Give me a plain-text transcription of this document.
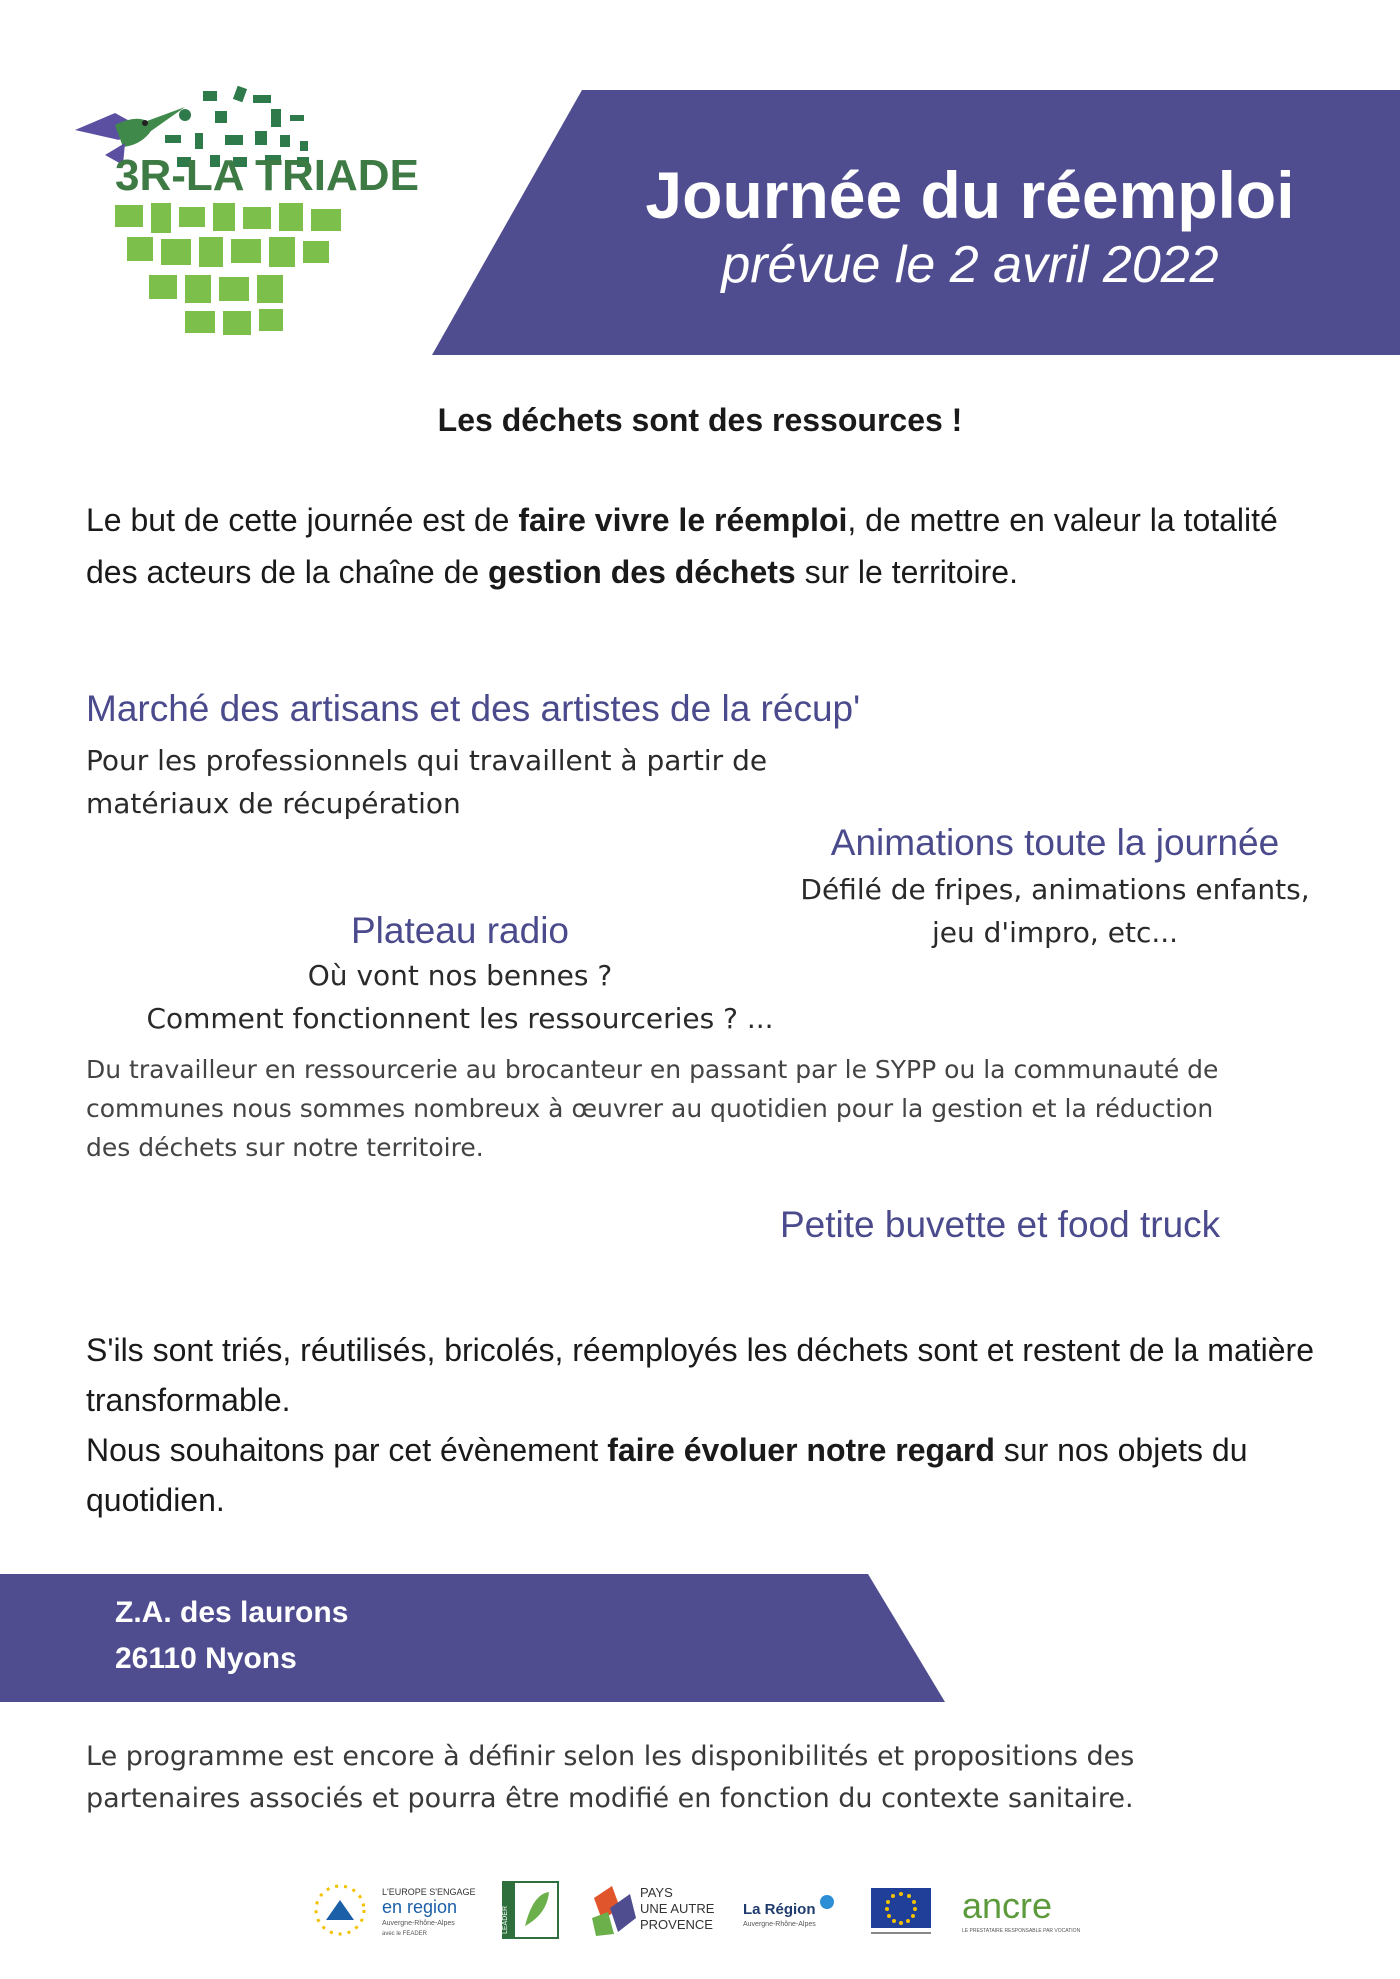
3R-LA TRIADE	Journée du réemploi
prévue le 2 avril 2022
Les déchets sont des ressources !
Le but de cette journée est de faire vivre le réemploi, de mettre en valeur la totalité des acteurs de la chaîne de gestion des déchets sur le territoire.
Marché des artisans et des artistes de la récup'
Pour les professionnels qui travaillent à partir de
matériaux de récupération
Animations toute la journée
Défilé de fripes, animations enfants,
jeu d'impro, etc...
Plateau radio
Où vont nos bennes ?
Comment fonctionnent les ressourceries ? ...
Du travailleur en ressourcerie au brocanteur en passant par le SYPP ou la communauté de
communes nous sommes nombreux à œuvrer au quotidien pour la gestion et la réduction
des déchets sur notre territoire.
Petite buvette et food truck
S'ils sont triés, réutilisés, bricolés, réemployés les déchets sont et restent de la matière transformable.
Nous souhaitons par cet évènement faire évoluer notre regard sur nos objets du quotidien.
Z.A. des laurons
26110 Nyons
Le programme est encore à définir selon les disponibilités et propositions des
partenaires associés et pourra être modifié en fonction du contexte sanitaire.
L'EUROPE S'ENGAGE
en region
Auvergne-Rhône-Alpes
avec le FEADER	LEADER
PAYS
UNE AUTRE
PROVENCE
La Région
Auvergne-Rhône-Alpes	ancre
LE PRESTATAIRE RESPONSABLE PAR VOCATION
